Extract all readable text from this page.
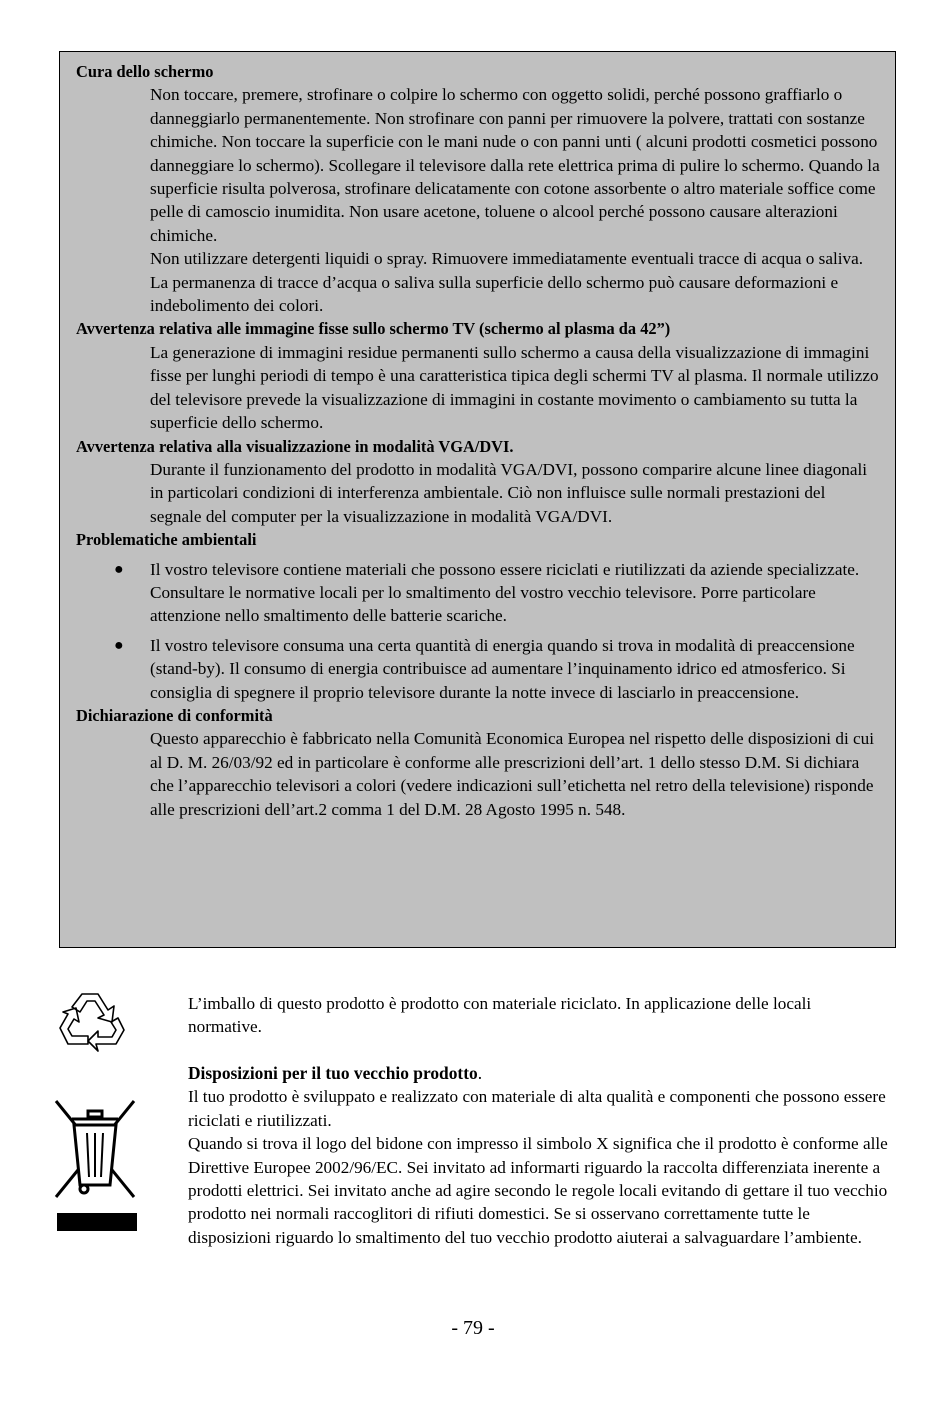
Cura dello schermo

Non toccare, premere, strofinare o colpire lo schermo con oggetto solidi, perché possono graffiarlo o danneggiarlo permanentemente. Non strofinare con panni per rimuovere la polvere, trattati con sostanze chimiche. Non toccare la superficie con le mani nude o con panni unti ( alcuni prodotti cosmetici possono danneggiare lo schermo). Scollegare il televisore dalla rete elettrica prima di pulire lo schermo. Quando la superficie risulta polverosa, strofinare delicatamente con cotone assorbente o altro materiale soffice come pelle di camoscio inumidita. Non usare acetone, toluene o alcool perché possono causare alterazioni chimiche.

Non utilizzare detergenti liquidi o spray. Rimuovere immediatamente eventuali tracce di acqua o saliva. La permanenza di tracce d’acqua o saliva sulla superficie dello schermo può causare deformazioni e indebolimento dei colori.

Avvertenza relativa alle immagine fisse sullo schermo TV (schermo al plasma da 42”)

La generazione di immagini residue permanenti sullo schermo a causa della visualizzazione di immagini fisse per lunghi periodi di tempo è una caratteristica tipica degli schermi TV al plasma. Il normale utilizzo del televisore prevede la visualizzazione di immagini in costante movimento o cambiamento su tutta la superficie dello schermo.

Avvertenza relativa alla visualizzazione in modalità VGA/DVI.

Durante il funzionamento del prodotto in modalità VGA/DVI, possono comparire alcune linee diagonali in particolari condizioni di interferenza ambientale. Ciò non influisce sulle normali prestazioni del segnale del computer per la visualizzazione in modalità VGA/DVI.

Problematiche ambientali

● Il vostro televisore contiene materiali che possono essere riciclati e riutilizzati da aziende specializzate. Consultare le normative locali per lo smaltimento del vostro vecchio televisore. Porre particolare attenzione nello smaltimento delle batterie scariche.
● Il vostro televisore consuma una certa quantità di energia quando si trova in modalità di preaccensione (stand-by). Il consumo di energia contribuisce ad aumentare l’inquinamento idrico ed atmosferico. Si consiglia di spegnere il proprio televisore durante la notte invece di lasciarlo in preaccensione.

Dichiarazione di conformità

Questo apparecchio è fabbricato nella Comunità Economica Europea nel rispetto delle disposizioni di cui al D. M. 26/03/92 ed in particolare è conforme alle prescrizioni dell’art. 1 dello stesso D.M. Si dichiara che l’apparecchio televisori a colori (vedere indicazioni sull’etichetta nel retro della televisione) risponde alle prescrizioni dell’art.2 comma 1 del D.M. 28 Agosto 1995 n. 548.

L’imballo di questo prodotto è prodotto con materiale riciclato. In applicazione delle locali normative.

Disposizioni per il tuo vecchio prodotto.

Il tuo prodotto è sviluppato e realizzato con materiale di alta qualità e componenti che possono essere riciclati e riutilizzati.

Quando si trova il logo del bidone con impresso il simbolo X significa che il prodotto è conforme alle Direttive Europee 2002/96/EC. Sei invitato ad informarti riguardo la raccolta differenziata inerente a prodotti elettrici. Sei invitato anche ad agire secondo le regole locali evitando di gettare il tuo vecchio prodotto nei normali raccoglitori di rifiuti domestici. Se si osservano correttamente tutte le disposizioni riguardo lo smaltimento del tuo vecchio prodotto aiuterai a salvaguardare l’ambiente.

- 79 -
